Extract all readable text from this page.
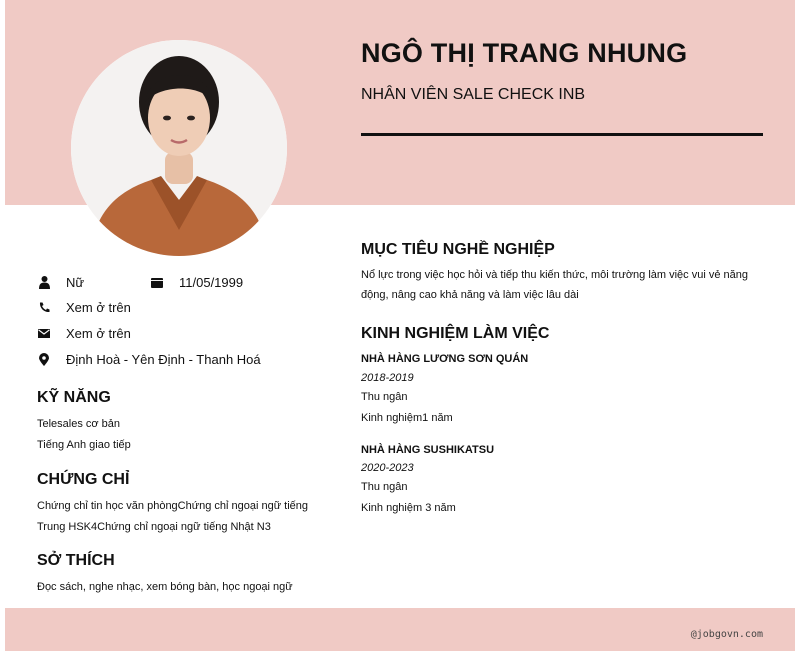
NGÔ THỊ TRANG NHUNG
NHÂN VIÊN SALE CHECK INB
Nữ	11/05/1999
Xem ở trên
Xem ở trên
Định Hoà - Yên Định - Thanh Hoá
KỸ NĂNG
Telesales cơ bản
Tiếng Anh giao tiếp
CHỨNG CHỈ
Chứng chỉ tin học văn phòngChứng chỉ ngoại ngữ tiếng
Trung HSK4Chứng chỉ ngoại ngữ tiếng Nhật N3
SỞ THÍCH
Đọc sách, nghe nhạc, xem bóng bàn, học ngoại ngữ
MỤC TIÊU NGHỀ NGHIỆP
Nổ lực trong việc học hỏi và tiếp thu kiến thức, môi trường làm việc vui vẻ năng
động, nâng cao khả năng và làm việc lâu dài
KINH NGHIỆM LÀM VIỆC
NHÀ HÀNG LƯƠNG SƠN QUÁN
2018-2019
Thu ngân
Kinh nghiệm1 năm
NHÀ HÀNG SUSHIKATSU
2020-2023
Thu ngân
Kinh nghiệm 3 năm
@jobgovn.com
